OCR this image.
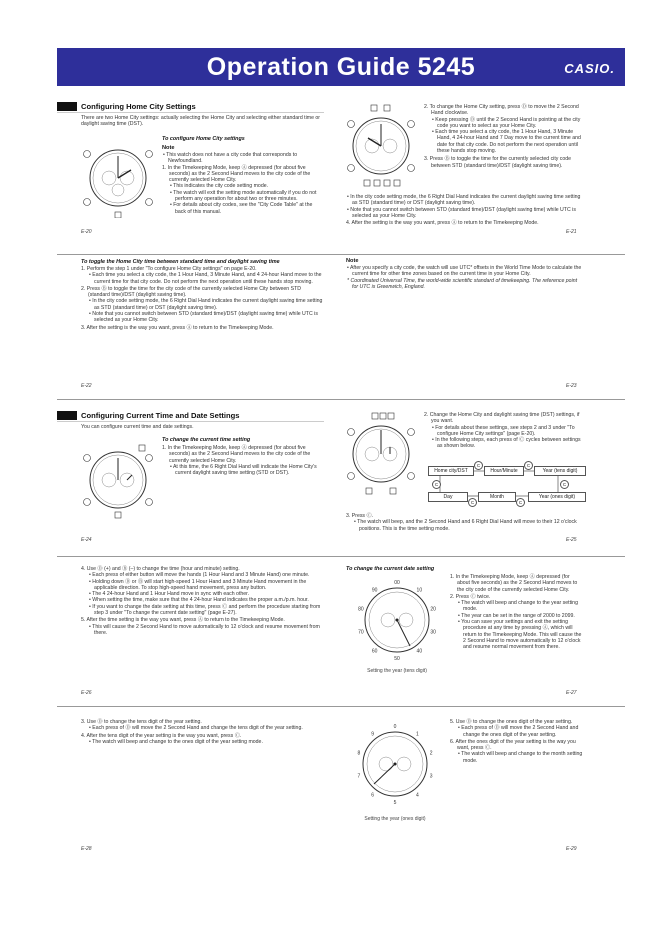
Operation Guide 5245	CASIO.
Configuring Home City Settings
There are two Home City settings: actually selecting the Home City and selecting either standard time or daylight saving time (DST).
To configure Home City settings
Note
• This watch does not have a city code that corresponds to Newfoundland.
1. In the Timekeeping Mode, keep Ⓐ depressed (for about five seconds) as the 2 Second Hand moves to the city code of the currently selected Home City.
• This indicates the city code setting mode.
• The watch will exit the setting mode automatically if you do not perform any operation for about two or three minutes.
• For details about city codes, see the "City Code Table" at the back of this manual.
E-20
2. To change the Home City setting, press Ⓓ to move the 2 Second Hand clockwise.
• Keep pressing Ⓓ until the 2 Second Hand is pointing at the city code you want to select as your Home City.
• Each time you select a city code, the 1 Hour Hand, 3 Minute Hand, 4 24-hour Hand and 7 Day move to the current time and date for that city code. Do not perform the next operation until these hands stop moving.
3. Press Ⓑ to toggle the time for the currently selected city code between STD (standard time)/DST (daylight saving time).
• In the city code setting mode, the 6 Right Dial Hand indicates the current daylight saving time setting as STD (standard time) or DST (daylight saving time).
• Note that you cannot switch between STD (standard time)/DST (daylight saving time) while UTC is selected as your Home City.
4. After the setting is the way you want, press Ⓐ to return to the Timekeeping Mode.
E-21
To toggle the Home City time between standard time and daylight saving time
1. Perform the step 1 under "To configure Home City settings" on page E-20.
• Each time you select a city code, the 1 Hour Hand, 3 Minute Hand, and 4 24-hour Hand move to the current time for that city code. Do not perform the next operation until these hands stop moving.
2. Press Ⓑ to toggle the time for the city code of the currently selected Home City between STD (standard time)/DST (daylight saving time).
• In the city code setting mode, the 6 Right Dial Hand indicates the current daylight saving time setting as STD (standard time) or DST (daylight saving time).
• Note that you cannot switch between STD (standard time)/DST (daylight saving time) while UTC is selected as your Home City.
3. After the setting is the way you want, press Ⓐ to return to the Timekeeping Mode.
E-22
Note
• After you specify a city code, the watch will use UTC* offsets in the World Time Mode to calculate the current time for other time zones based on the current time in your Home City.
* Coordinated Universal Time, the world-wide scientific standard of timekeeping. The reference point for UTC is Greenwich, England.
E-23
Configuring Current Time and Date Settings
You can configure current time and date settings.
To change the current time setting
1. In the Timekeeping Mode, keep Ⓐ depressed (for about five seconds) as the 2 Second Hand moves to the city code of the currently selected Home City.
• At this time, the 6 Right Dial Hand will indicate the Home City's current daylight saving time setting (STD or DST).
E-24
2. Change the Home City and daylight saving time (DST) settings, if you want.
• For details about these settings, see steps 2 and 3 under "To configure Home City settings" (page E-20).
• In the following steps, each press of Ⓒ cycles between settings as shown below.
Home city/DST	Hour/Minute	Year (tens digit)
Day	Month	Year (ones digit)
C	C
C
C
C
C
3. Press Ⓒ.
• The watch will beep, and the 2 Second Hand and 6 Right Dial Hand will move to their 12 o'clock positions. This is the time setting mode.
E-25
4. Use Ⓓ (+) and Ⓑ (–) to change the time (hour and minute) setting.
• Each press of either button will move the hands (1 Hour Hand and 3 Minute Hand) one minute.
• Holding down Ⓓ or Ⓑ will start high-speed 1 Hour Hand and 3 Minute Hand movement in the applicable direction. To stop high-speed hand movement, press any button.
• The 4 24-hour Hand and 1 Hour Hand move in sync with each other.
• When setting the time, make sure that the 4 24-hour Hand indicates the proper a.m./p.m. hour.
• If you want to change the date setting at this time, press Ⓒ and perform the procedure starting from step 3 under "To change the current date setting" (page E-27).
5. After the time setting is the way you want, press Ⓐ to return to the Timekeeping Mode.
• This will cause the 2 Second Hand to move automatically to 12 o'clock and resume movement from there.
E-26
To change the current date setting
00
10
20
30
40
50
60
70
80
90
Setting the year (tens digit)
1. In the Timekeeping Mode, keep Ⓐ depressed (for about five seconds) as the 2 Second Hand moves to the city code of the currently selected Home City.
2. Press Ⓒ twice.
• The watch will beep and change to the year setting mode.
• The year can be set in the range of 2000 to 2099.
• You can save your settings and exit the setting procedure at any time by pressing Ⓐ, which will return to the Timekeeping Mode. This will cause the 2 Second Hand to move automatically to 12 o'clock and resume normal movement from there.
E-27
3. Use Ⓓ to change the tens digit of the year setting.
• Each press of Ⓓ will move the 2 Second Hand and change the tens digit of the year setting.
4. After the tens digit of the year setting is the way you want, press Ⓒ.
• The watch will beep and change to the ones digit of the year setting mode.
E-28
0
1
2
3
4
5
6
7
8
9
Setting the year (ones digit)
5. Use Ⓓ to change the ones digit of the year setting.
• Each press of Ⓓ will move the 2 Second Hand and change the ones digit of the year setting.
6. After the ones digit of the year setting is the way you want, press Ⓒ.
• The watch will beep and change to the month setting mode.
E-29
